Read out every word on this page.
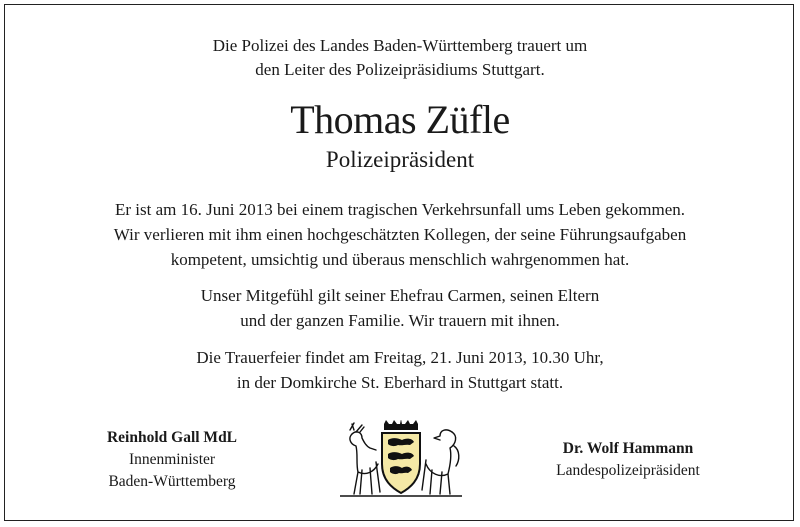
Die Polizei des Landes Baden-Württemberg trauert um
den Leiter des Polizeipräsidiums Stuttgart.
Thomas Züfle
Polizeipräsident
Er ist am 16. Juni 2013 bei einem tragischen Verkehrsunfall ums Leben gekommen.
Wir verlieren mit ihm einen hochgeschätzten Kollegen, der seine Führungsaufgaben
kompetent, umsichtig und überaus menschlich wahrgenommen hat.
Unser Mitgefühl gilt seiner Ehefrau Carmen, seinen Eltern
und der ganzen Familie. Wir trauern mit ihnen.
Die Trauerfeier findet am Freitag, 21. Juni 2013, 10.30 Uhr,
in der Domkirche St. Eberhard in Stuttgart statt.
Reinhold Gall MdL
Innenminister
Baden-Württemberg
Dr. Wolf Hammann
Landespolizeipräsident
